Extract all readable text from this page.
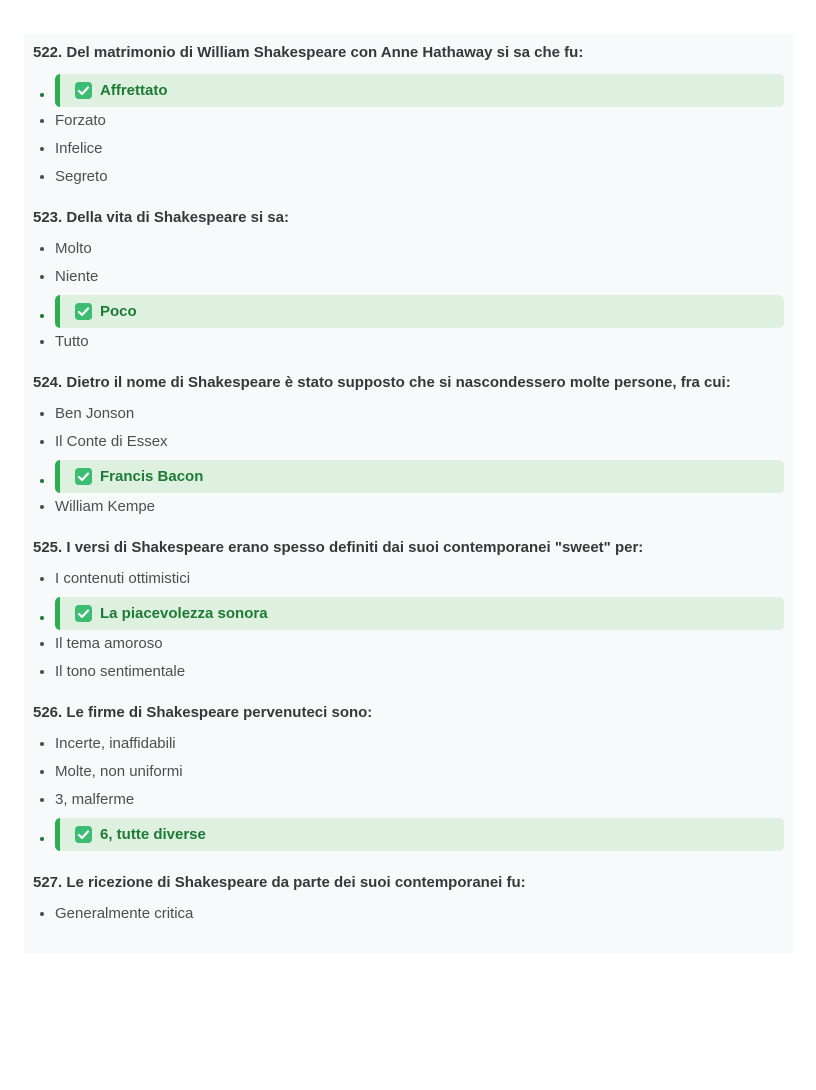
522. Del matrimonio di William Shakespeare con Anne Hathaway si sa che fu:

• Affrettato
• Forzato
• Infelice
• Segreto

523. Della vita di Shakespeare si sa:

• Molto
• Niente
• Poco
• Tutto

524. Dietro il nome di Shakespeare è stato supposto che si nascondessero molte persone, fra cui:

• Ben Jonson
• Il Conte di Essex
• Francis Bacon
• William Kempe

525. I versi di Shakespeare erano spesso definiti dai suoi contemporanei "sweet" per:

• I contenuti ottimistici
• La piacevolezza sonora
• Il tema amoroso
• Il tono sentimentale

526. Le firme di Shakespeare pervenuteci sono:

• Incerte, inaffidabili
• Molte, non uniformi
• 3, malferme
• 6, tutte diverse

527. Le ricezione di Shakespeare da parte dei suoi contemporanei fu:

• Generalmente critica
